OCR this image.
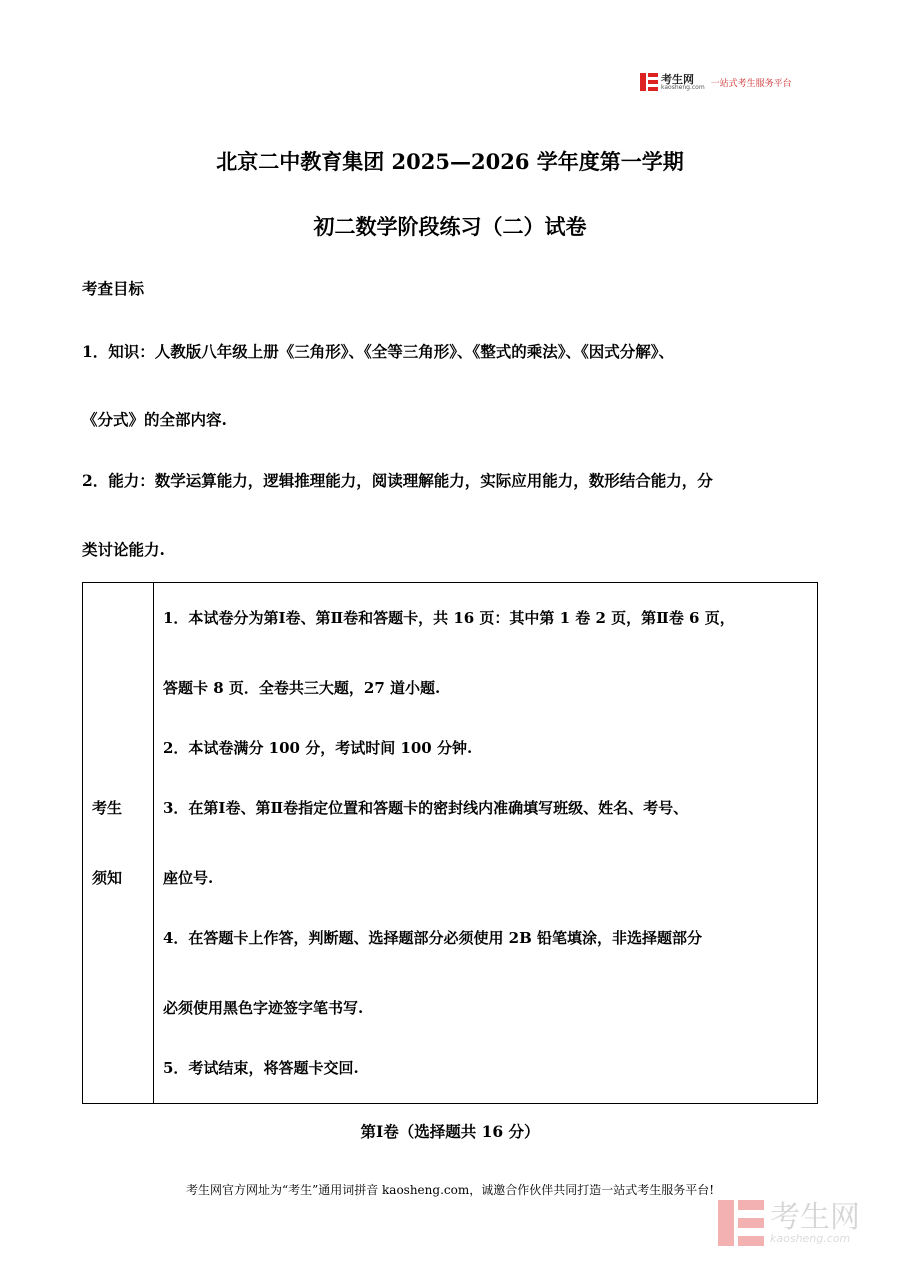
考生网
kaosheng.com 一站式考生服务平台
北京二中教育集团 2025—2026 学年度第一学期
初二数学阶段练习（二）试卷
考查目标
1．知识：人教版八年级上册《三角形》、《全等三角形》、《整式的乘法》、《因式分解》、
《分式》的全部内容.
2．能力：数学运算能力，逻辑推理能力，阅读理解能力，实际应用能力，数形结合能力，分
类讨论能力.
考生
须知

1．本试卷分为第Ⅰ卷、第Ⅱ卷和答题卡，共 16 页：其中第 1 卷 2 页，第Ⅱ卷 6 页，
答题卡 8 页．全卷共三大题，27 道小题.
2．本试卷满分 100 分，考试时间 100 分钟.
3．在第Ⅰ卷、第Ⅱ卷指定位置和答题卡的密封线内准确填写班级、姓名、考号、
座位号.
4．在答题卡上作答，判断题、选择题部分必须使用 2B 铅笔填涂，非选择题部分
必须使用黑色字迹签字笔书写.
5．考试结束，将答题卡交回.
第Ⅰ卷（选择题共 16 分）
考生网官方网址为“考生”通用词拼音 kaosheng.com，诚邀合作伙伴共同打造一站式考生服务平台!
考生网
kaosheng.com
